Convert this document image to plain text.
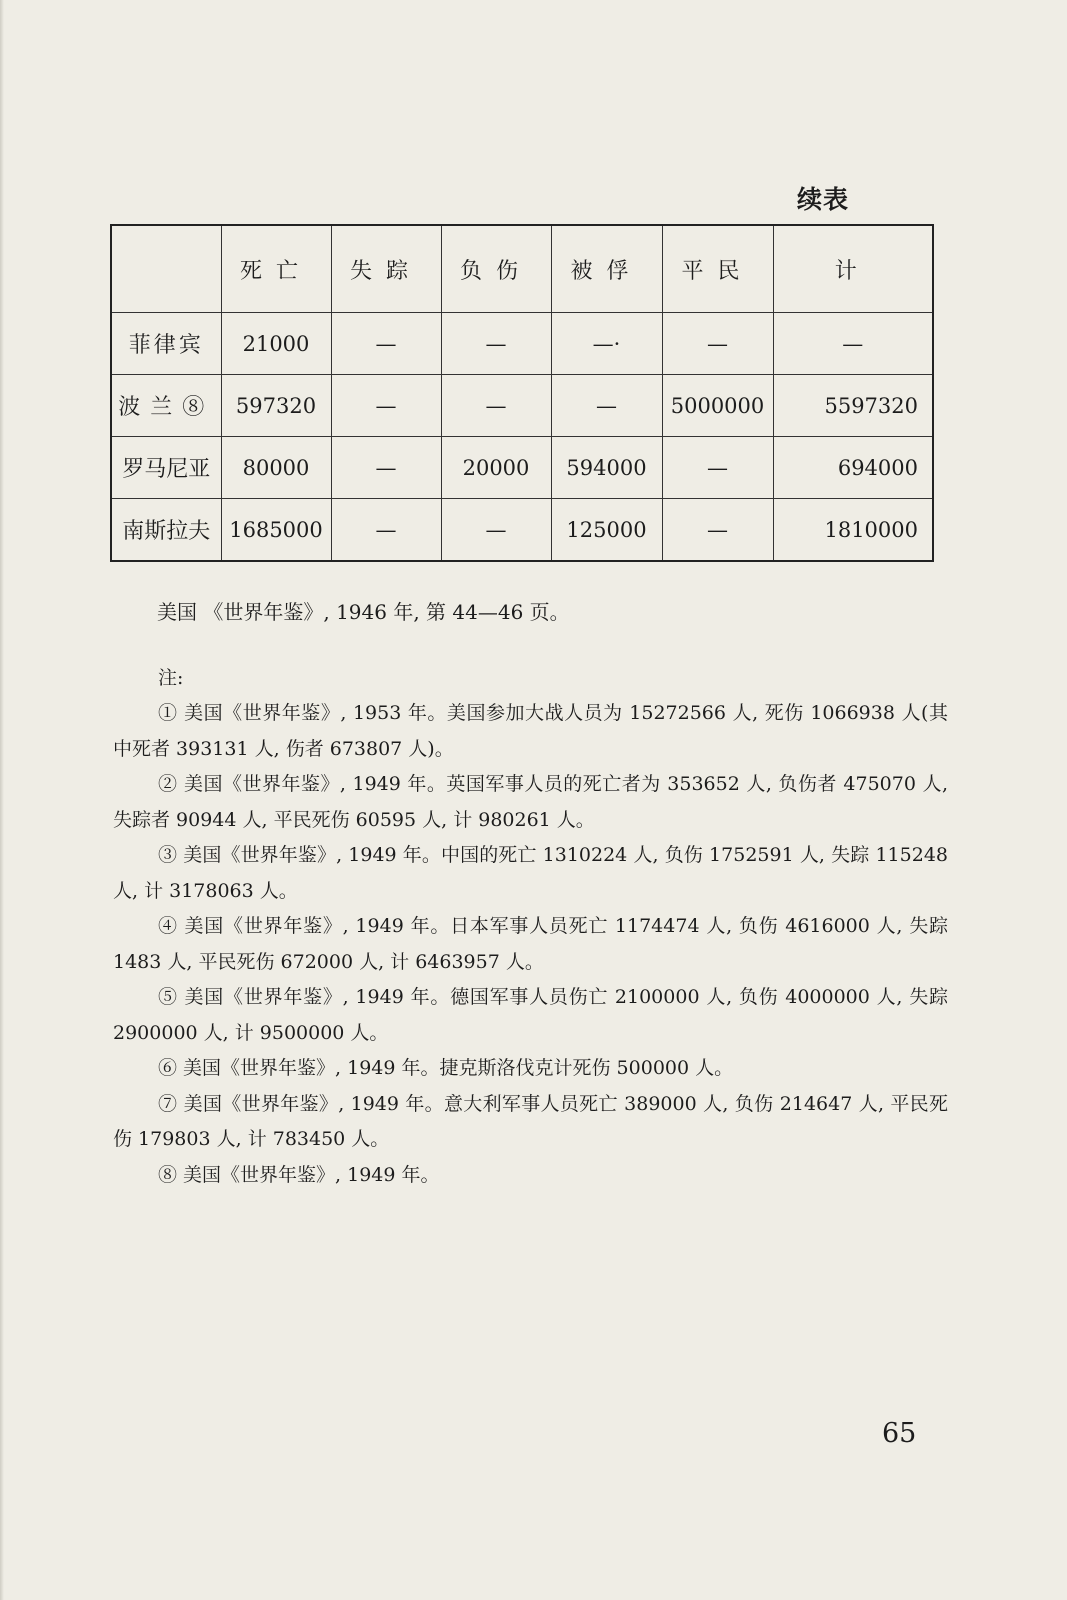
续表
	死亡	失踪	负伤	被俘	平民	计
菲律宾	21000	—	—	—·	—	—
波兰⑧	597320	—	—	—	5000000	5597320
罗马尼亚	80000	—	20000	594000	—	694000
南斯拉夫	1685000	—	—	125000	—	1810000
美国 《世界年鉴》, 1946 年, 第 44—46 页。
注:

① 美国《世界年鉴》, 1953 年。美国参加大战人员为 15272566 人, 死伤 1066938 人(其中死者 393131 人, 伤者 673807 人)。

② 美国《世界年鉴》, 1949 年。英国军事人员的死亡者为 353652 人, 负伤者 475070 人, 失踪者 90944 人, 平民死伤 60595 人, 计 980261 人。

③ 美国《世界年鉴》, 1949 年。中国的死亡 1310224 人, 负伤 1752591 人, 失踪 115248 人, 计 3178063 人。

④ 美国《世界年鉴》, 1949 年。日本军事人员死亡 1174474 人, 负伤 4616000 人, 失踪 1483 人, 平民死伤 672000 人, 计 6463957 人。

⑤ 美国《世界年鉴》, 1949 年。德国军事人员伤亡 2100000 人, 负伤 4000000 人, 失踪 2900000 人, 计 9500000 人。

⑥ 美国《世界年鉴》, 1949 年。捷克斯洛伐克计死伤 500000 人。

⑦ 美国《世界年鉴》, 1949 年。意大利军事人员死亡 389000 人, 负伤 214647 人, 平民死伤 179803 人, 计 783450 人。

⑧ 美国《世界年鉴》, 1949 年。

65
